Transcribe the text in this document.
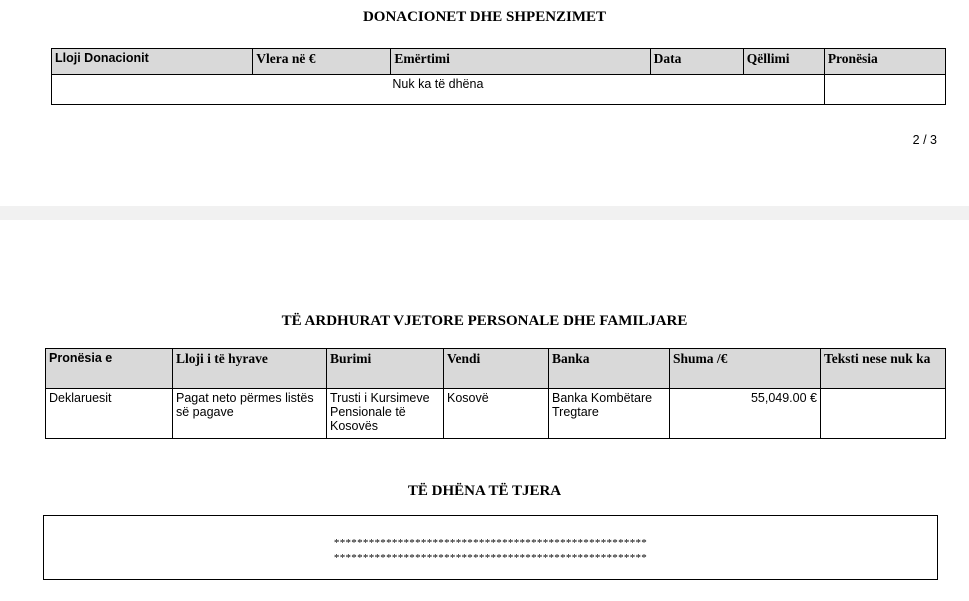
DONACIONET DHE SHPENZIMET
Lloji Donacionit	Vlera në €	Emërtimi	Data	Qëllimi	Pronësia
Nuk ka të dhëna					
2 / 3
TË ARDHURAT VJETORE PERSONALE DHE FAMILJARE
Pronësia e	Lloji i të hyrave	Burimi	Vendi	Banka	Shuma /€	Teksti nese nuk ka
Deklaruesit	Pagat neto përmes listës së pagave	Trusti i Kursimeve Pensionale të Kosovës	Kosovë	Banka Kombëtare Tregtare	55,049.00 €	
TË DHËNA TË TJERA
******************************************************
******************************************************
